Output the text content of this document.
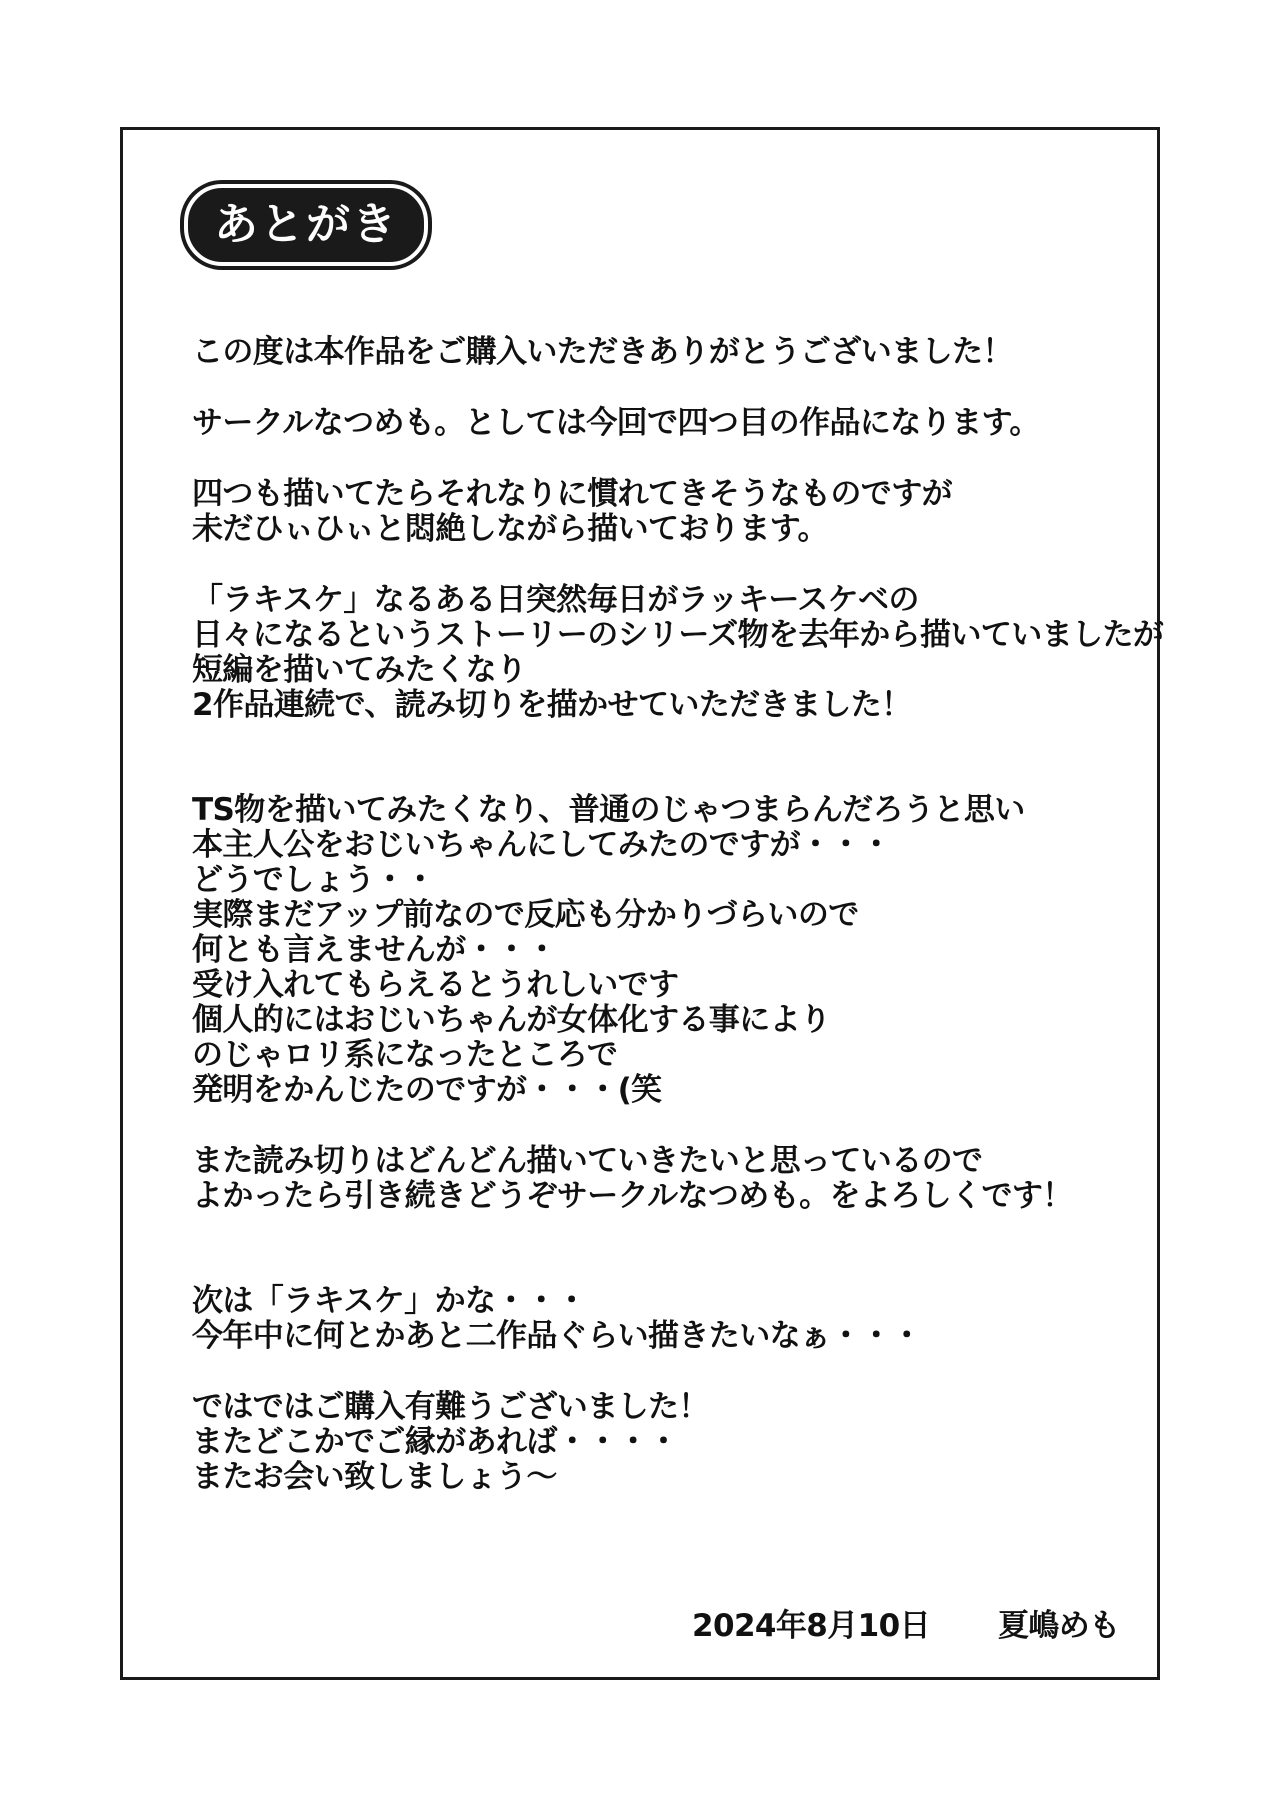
あとがき
この度は本作品をご購入いただきありがとうございました！
サークルなつめも。としては今回で四つ目の作品になります。
四つも描いてたらそれなりに慣れてきそうなものですが
未だひぃひぃと悶絶しながら描いております。
「ラキスケ」なるある日突然毎日がラッキースケベの
日々になるというストーリーのシリーズ物を去年から描いていましたが
短編を描いてみたくなり
2作品連続で、読み切りを描かせていただきました！
TS物を描いてみたくなり、普通のじゃつまらんだろうと思い
本主人公をおじいちゃんにしてみたのですが・・・
どうでしょう・・
実際まだアップ前なので反応も分かりづらいので
何とも言えませんが・・・
受け入れてもらえるとうれしいです
個人的にはおじいちゃんが女体化する事により
のじゃロリ系になったところで
発明をかんじたのですが・・・(笑
また読み切りはどんどん描いていきたいと思っているので
よかったら引き続きどうぞサークルなつめも。をよろしくです！
次は「ラキスケ」かな・・・
今年中に何とかあと二作品ぐらい描きたいなぁ・・・
ではではご購入有難うございました！
またどこかでご縁があれば・・・・
またお会い致しましょう～
2024年8月10日 夏嶋めも
